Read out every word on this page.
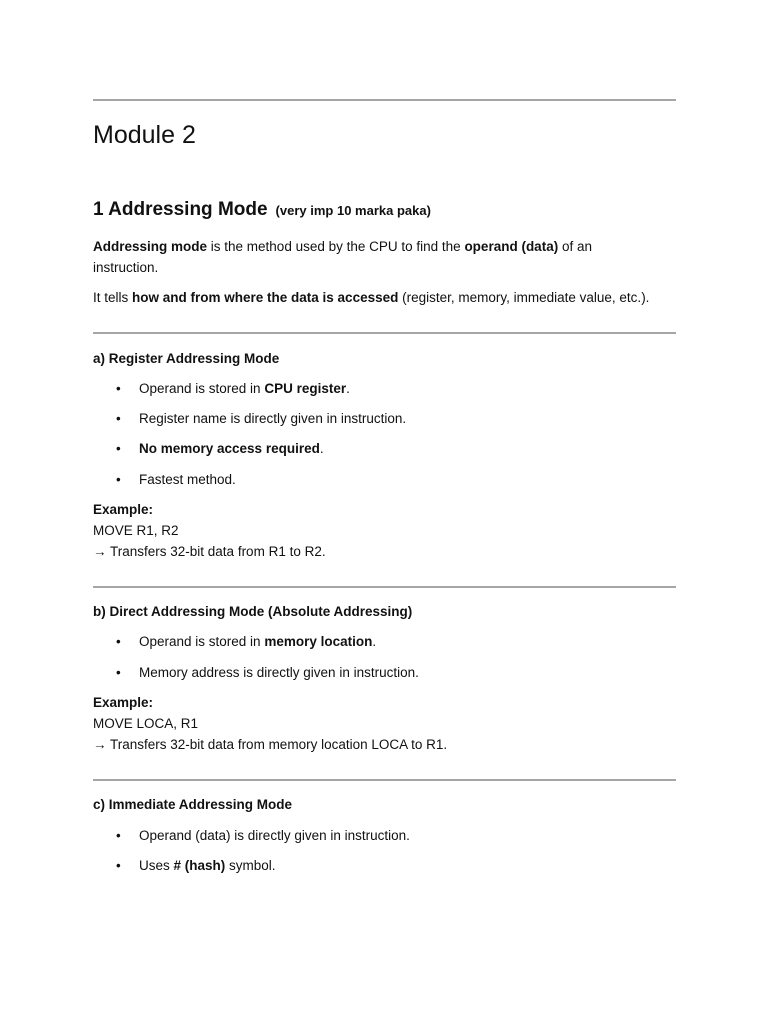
Module 2
1 Addressing Mode (very imp 10 marka paka)
Addressing mode is the method used by the CPU to find the operand (data) of an instruction.
It tells how and from where the data is accessed (register, memory, immediate value, etc.).
a) Register Addressing Mode
• Operand is stored in CPU register.
• Register name is directly given in instruction.
• No memory access required.
• Fastest method.
Example:
MOVE R1, R2
→ Transfers 32-bit data from R1 to R2.
b) Direct Addressing Mode (Absolute Addressing)
• Operand is stored in memory location.
• Memory address is directly given in instruction.
Example:
MOVE LOCA, R1
→ Transfers 32-bit data from memory location LOCA to R1.
c) Immediate Addressing Mode
• Operand (data) is directly given in instruction.
• Uses # (hash) symbol.
